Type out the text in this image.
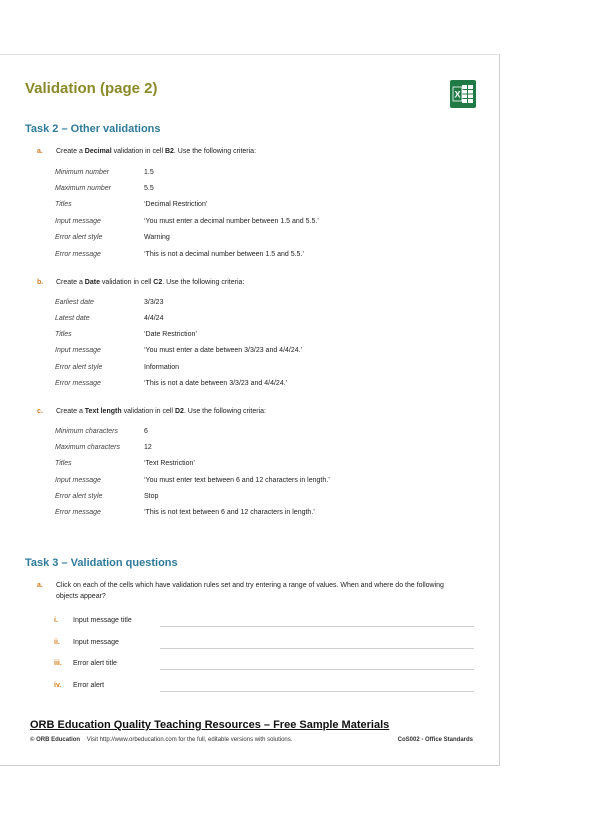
Validation (page 2)	X
Task 2 – Other validations
a. Create a Decimal validation in cell B2. Use the following criteria:
Minimum number	1.5
Maximum number	5.5
Titles	‘Decimal Restriction’
Input message	‘You must enter a decimal number between 1.5 and 5.5.’
Error alert style	Warning
Error message	‘This is not a decimal number between 1.5 and 5.5.’
b. Create a Date validation in cell C2. Use the following criteria:
Earliest date	3/3/23
Latest date	4/4/24
Titles	‘Date Restriction’
Input message	‘You must enter a date between 3/3/23 and 4/4/24.’
Error alert style	Information
Error message	‘This is not a date between 3/3/23 and 4/4/24.’
c. Create a Text length validation in cell D2. Use the following criteria:
Minimum characters	6
Maximum characters	12
Titles	‘Text Restriction’
Input message	‘You must enter text between 6 and 12 characters in length.’
Error alert style	Stop
Error message	‘This is not text between 6 and 12 characters in length.’
Task 3 – Validation questions
a. Click on each of the cells which have validation rules set and try entering a range of values. When and where do the following objects appear?
i. Input message title
ii. Input message
iii. Error alert title
iv. Error alert
ORB Education Quality Teaching Resources – Free Sample Materials
© ORB Education Visit http://www.orbeducation.com for the full, editable versions with solutions.	CoS002 - Office Standards
